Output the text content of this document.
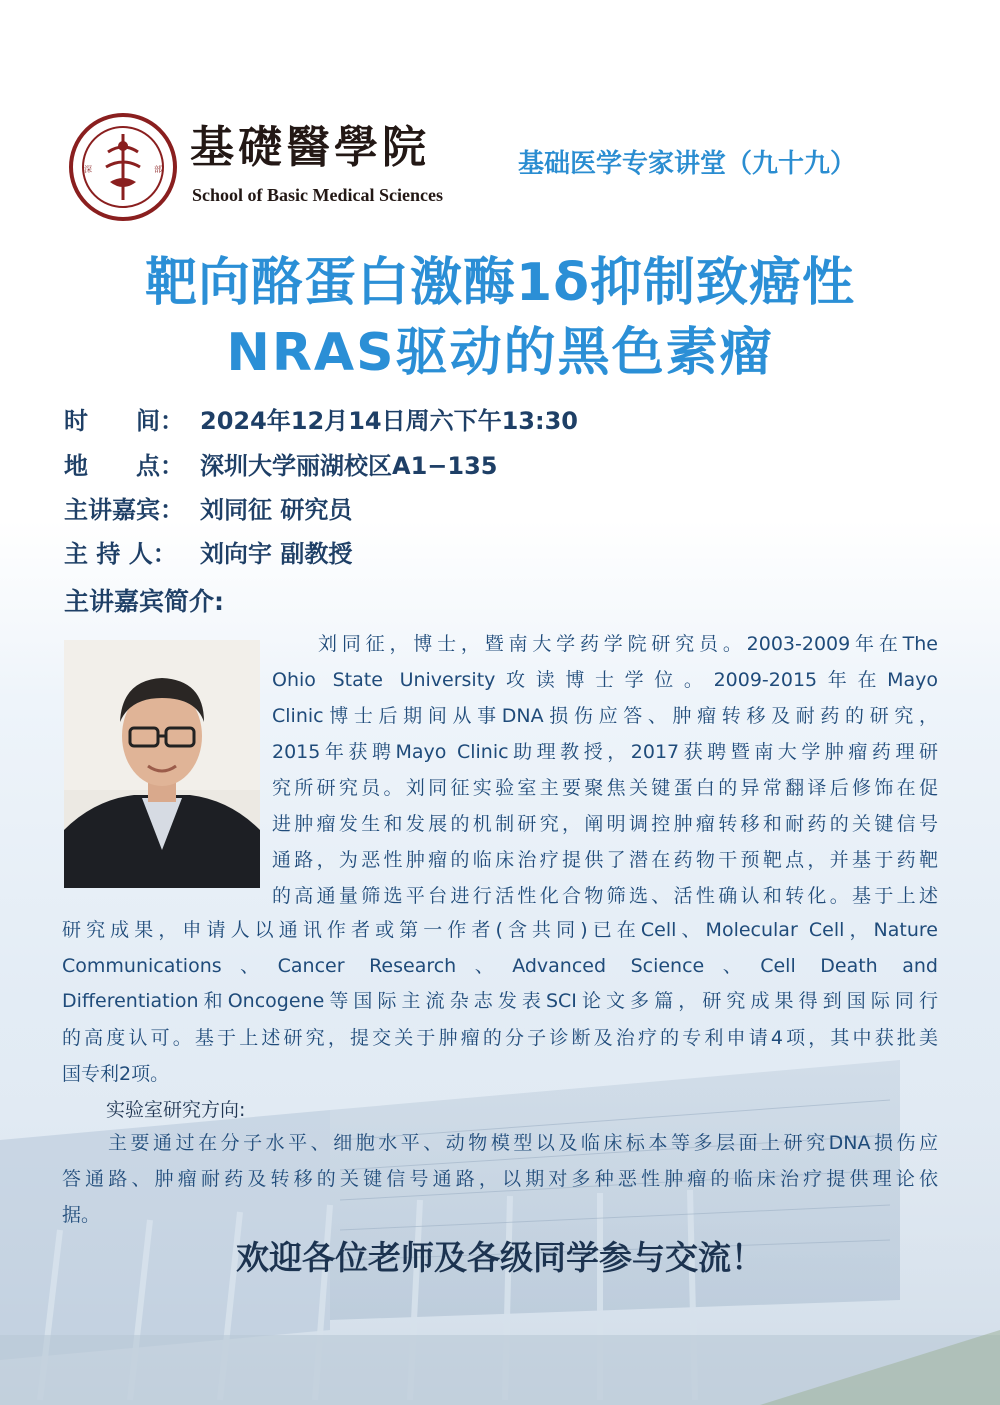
深	部 基礎醫學院
School of Basic Medical Sciences
基础医学专家讲堂（九十九）
靶向酪蛋白激酶1δ抑制致癌性
NRAS驱动的黑色素瘤
时　　间： 2024年12月14日周六下午13:30
地　　点： 深圳大学丽湖校区A1−135
主讲嘉宾： 刘同征 研究员
主 持 人： 刘向宇 副教授
主讲嘉宾简介:
刘同征，博士，暨南大学药学院研究员。2003-2009年在The
Ohio State University攻读博士学位。2009-2015年在Mayo
Clinic博士后期间从事DNA损伤应答、肿瘤转移及耐药的研究，
2015年获聘Mayo Clinic助理教授，2017获聘暨南大学肿瘤药理研
究所研究员。刘同征实验室主要聚焦关键蛋白的异常翻译后修饰在促
进肿瘤发生和发展的机制研究，阐明调控肿瘤转移和耐药的关键信号
通路，为恶性肿瘤的临床治疗提供了潜在药物干预靶点，并基于药靶
的高通量筛选平台进行活性化合物筛选、活性确认和转化。基于上述
研究成果，申请人以通讯作者或第一作者(含共同)已在Cell、Molecular Cell，Nature
Communications、Cancer Research、Advanced Science、Cell Death and
Differentiation和Oncogene等国际主流杂志发表SCI论文多篇，研究成果得到国际同行
的高度认可。基于上述研究，提交关于肿瘤的分子诊断及治疗的专利申请4项，其中获批美
国专利2项。
实验室研究方向:
主要通过在分子水平、细胞水平、动物模型以及临床标本等多层面上研究DNA损伤应
答通路、肿瘤耐药及转移的关键信号通路，以期对多种恶性肿瘤的临床治疗提供理论依
据。
欢迎各位老师及各级同学参与交流！
